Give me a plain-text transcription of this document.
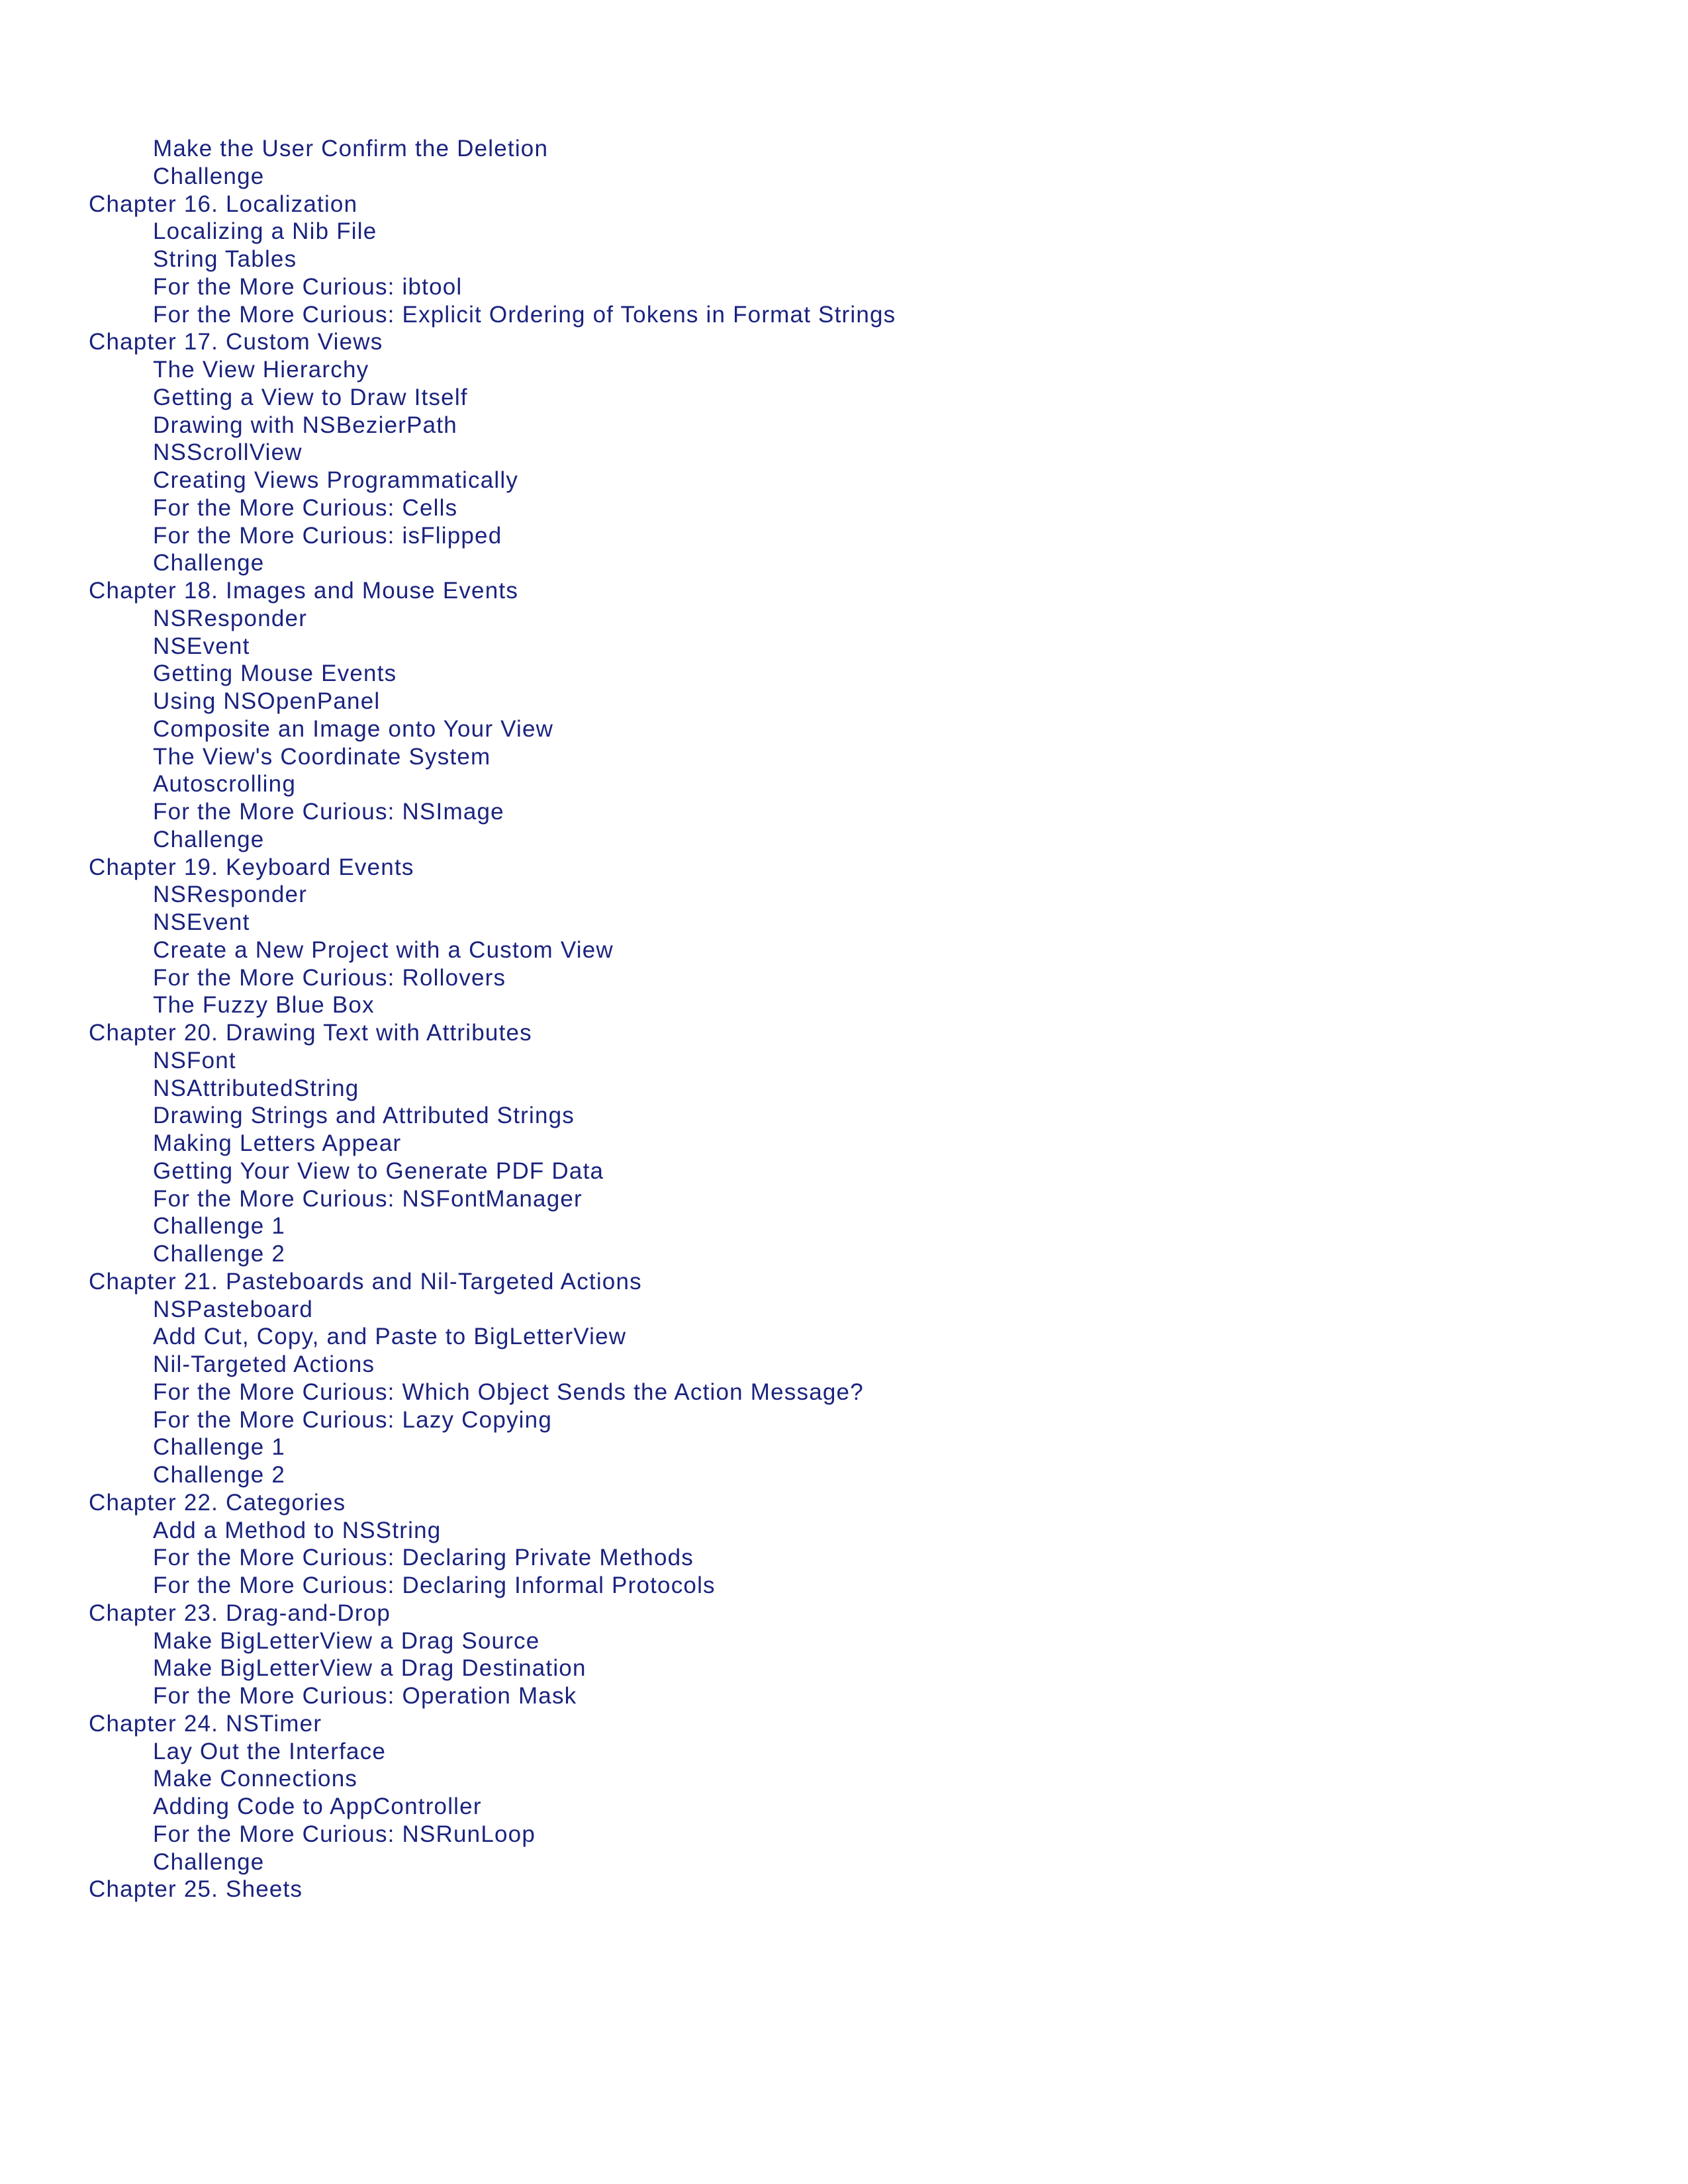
Make the User Confirm the Deletion
Challenge
Chapter 16. Localization
Localizing a Nib File
String Tables
For the More Curious: ibtool
For the More Curious: Explicit Ordering of Tokens in Format Strings
Chapter 17. Custom Views
The View Hierarchy
Getting a View to Draw Itself
Drawing with NSBezierPath
NSScrollView
Creating Views Programmatically
For the More Curious: Cells
For the More Curious: isFlipped
Challenge
Chapter 18. Images and Mouse Events
NSResponder
NSEvent
Getting Mouse Events
Using NSOpenPanel
Composite an Image onto Your View
The View's Coordinate System
Autoscrolling
For the More Curious: NSImage
Challenge
Chapter 19. Keyboard Events
NSResponder
NSEvent
Create a New Project with a Custom View
For the More Curious: Rollovers
The Fuzzy Blue Box
Chapter 20. Drawing Text with Attributes
NSFont
NSAttributedString
Drawing Strings and Attributed Strings
Making Letters Appear
Getting Your View to Generate PDF Data
For the More Curious: NSFontManager
Challenge 1
Challenge 2
Chapter 21. Pasteboards and Nil-Targeted Actions
NSPasteboard
Add Cut, Copy, and Paste to BigLetterView
Nil-Targeted Actions
For the More Curious: Which Object Sends the Action Message?
For the More Curious: Lazy Copying
Challenge 1
Challenge 2
Chapter 22. Categories
Add a Method to NSString
For the More Curious: Declaring Private Methods
For the More Curious: Declaring Informal Protocols
Chapter 23. Drag-and-Drop
Make BigLetterView a Drag Source
Make BigLetterView a Drag Destination
For the More Curious: Operation Mask
Chapter 24. NSTimer
Lay Out the Interface
Make Connections
Adding Code to AppController
For the More Curious: NSRunLoop
Challenge
Chapter 25. Sheets
